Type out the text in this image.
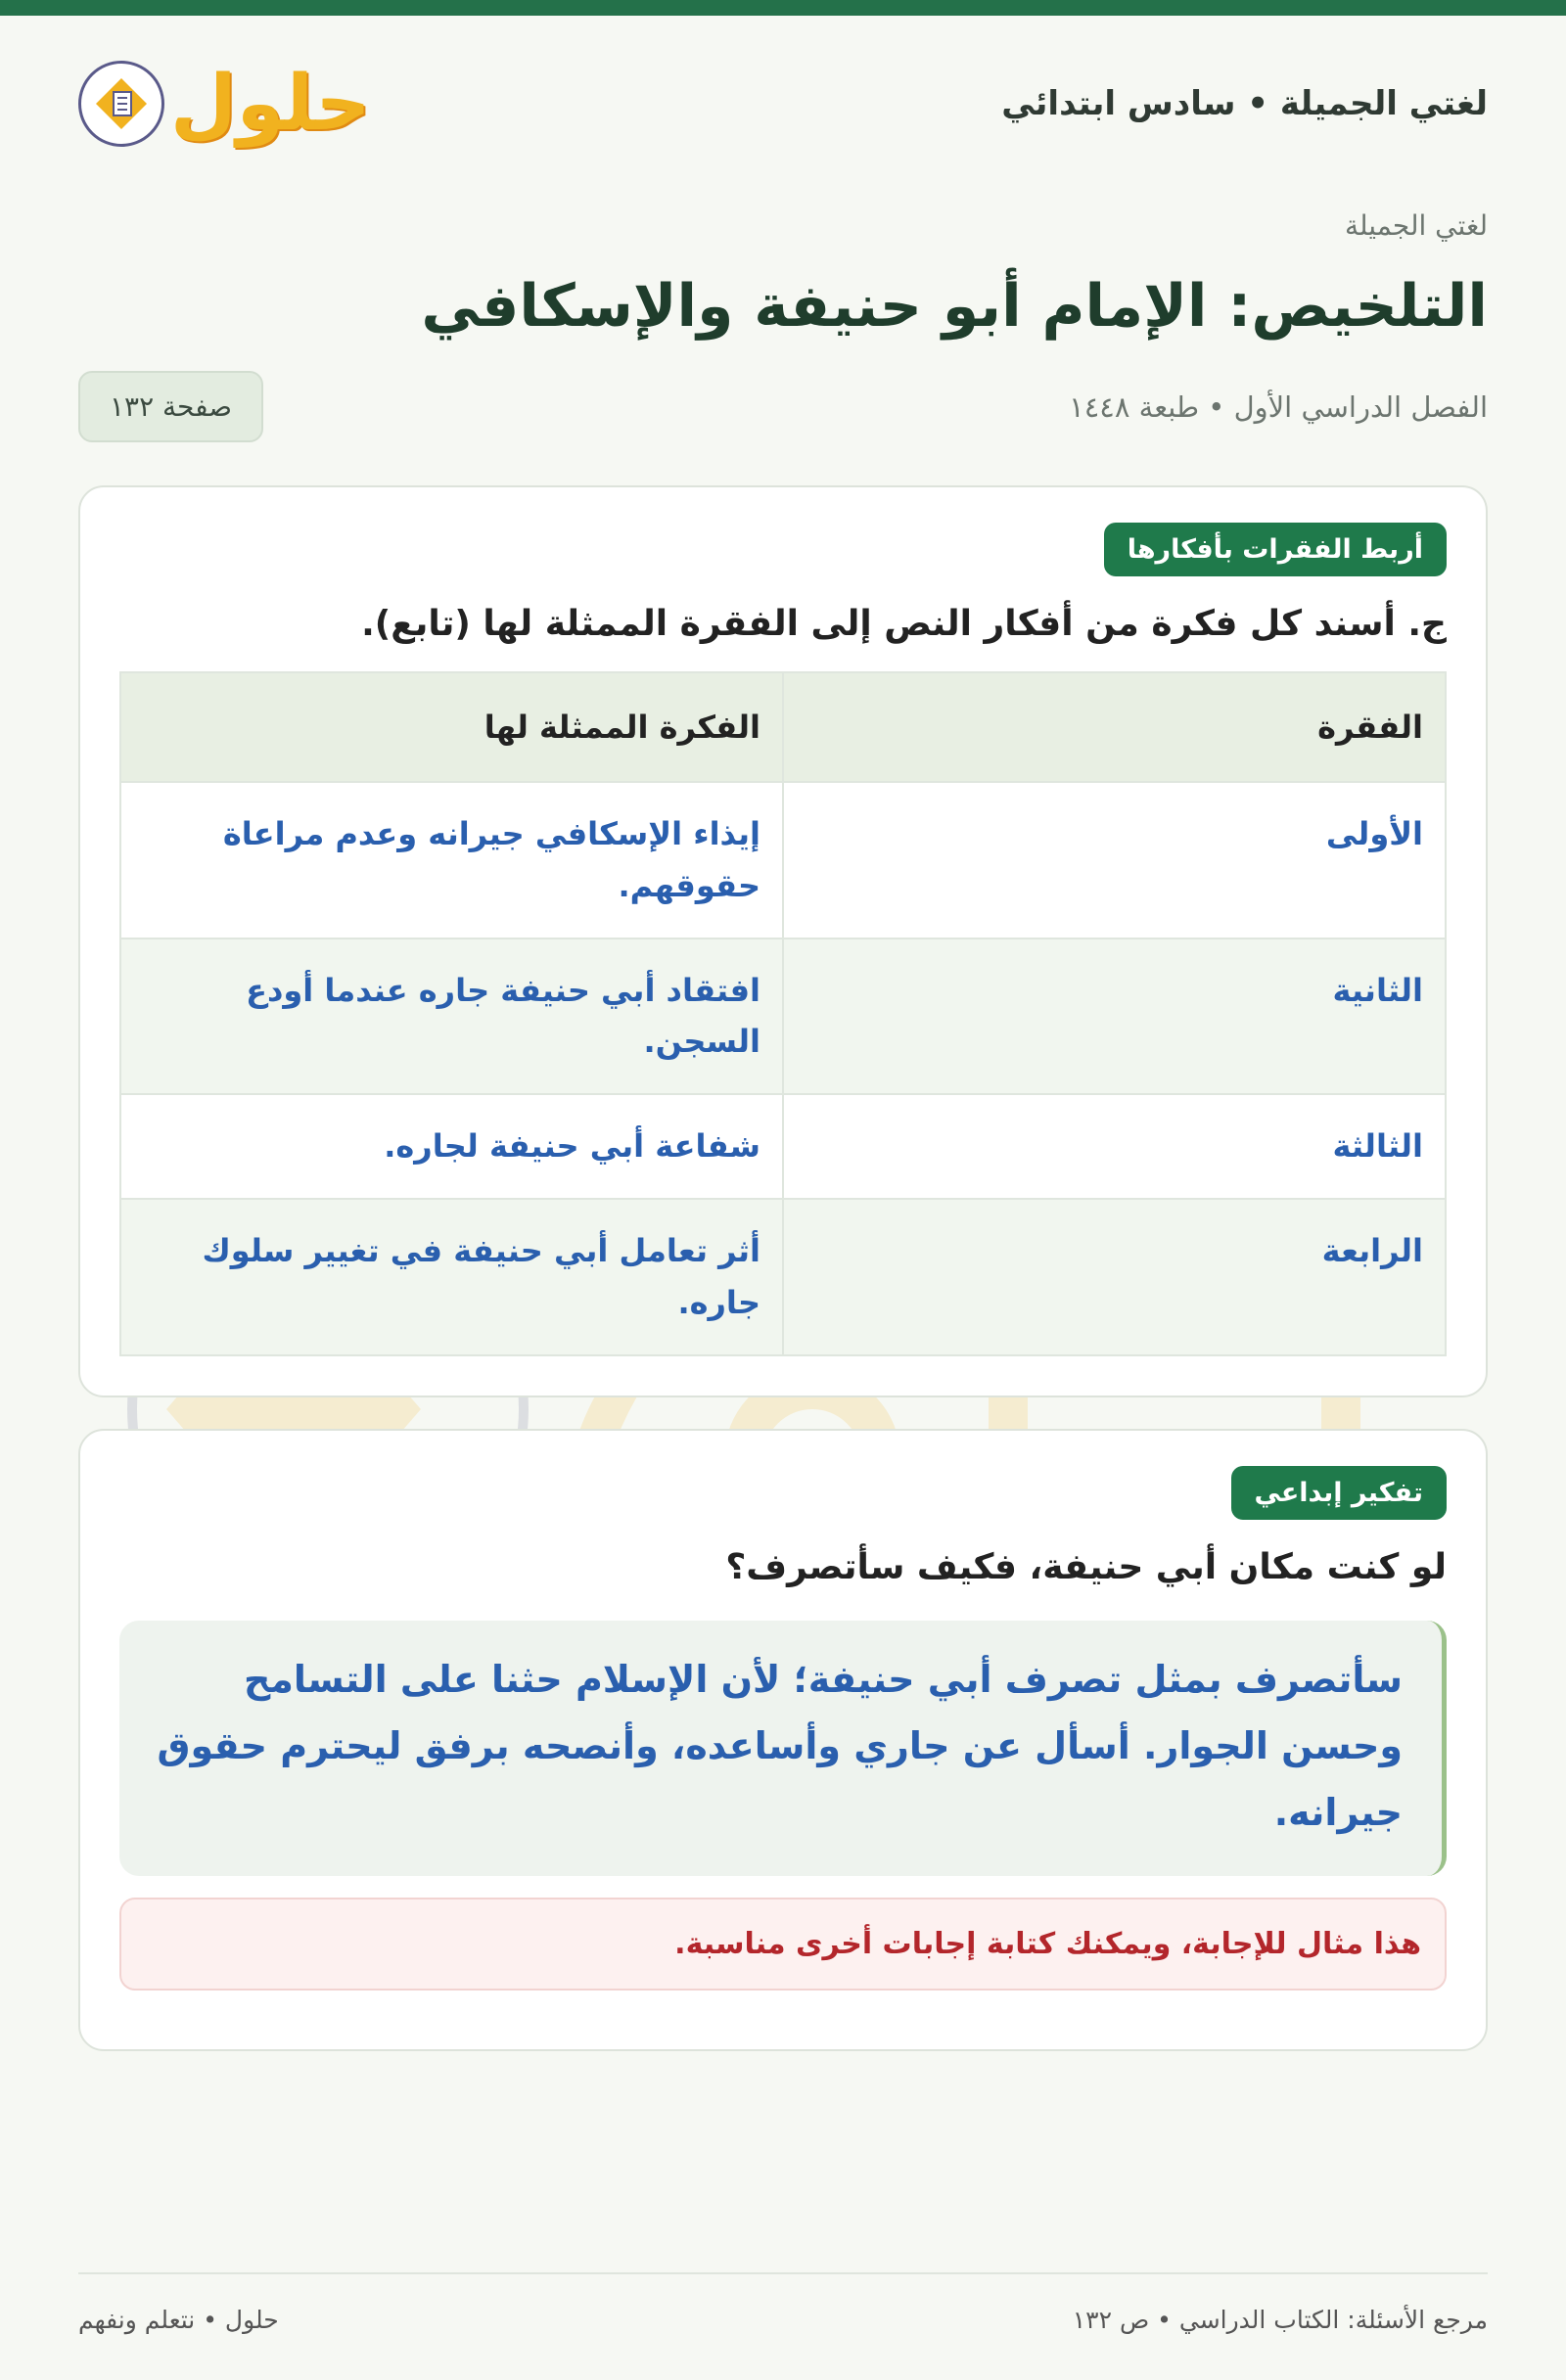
لغتي الجميلة • سادس ابتدائي
حلول
لغتي الجميلة
التلخيص: الإمام أبو حنيفة والإسكافي
الفصل الدراسي الأول • طبعة ١٤٤٨
صفحة ١٣٢
أربط الفقرات بأفكارها
ج. أسند كل فكرة من أفكار النص إلى الفقرة الممثلة لها (تابع).
الفقرة	الفكرة الممثلة لها
الأولى	إيذاء الإسكافي جيرانه وعدم مراعاة حقوقهم.
الثانية	افتقاد أبي حنيفة جاره عندما أودع السجن.
الثالثة	شفاعة أبي حنيفة لجاره.
الرابعة	أثر تعامل أبي حنيفة في تغيير سلوك جاره.
تفكير إبداعي
لو كنت مكان أبي حنيفة، فكيف سأتصرف؟
سأتصرف بمثل تصرف أبي حنيفة؛ لأن الإسلام حثنا على التسامح وحسن الجوار. أسأل عن جاري وأساعده، وأنصحه برفق ليحترم حقوق جيرانه.
هذا مثال للإجابة، ويمكنك كتابة إجابات أخرى مناسبة.
مرجع الأسئلة: الكتاب الدراسي • ص ١٣٢
حلول • نتعلم ونفهم
